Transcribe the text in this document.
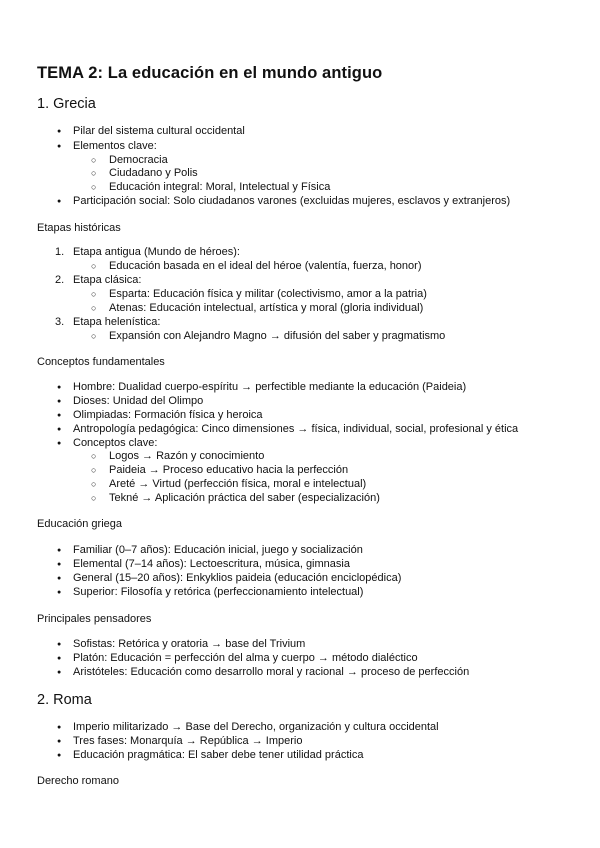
TEMA 2: La educación en el mundo antiguo
1. Grecia
● Pilar del sistema cultural occidental
● Elementos clave:
○ Democracia
○ Ciudadano y Polis
○ Educación integral: Moral, Intelectual y Física
● Participación social: Solo ciudadanos varones (excluidas mujeres, esclavos y extranjeros)
Etapas históricas
1. Etapa antigua (Mundo de héroes):
○ Educación basada en el ideal del héroe (valentía, fuerza, honor)
2. Etapa clásica:
○ Esparta: Educación física y militar (colectivismo, amor a la patria)
○ Atenas: Educación intelectual, artística y moral (gloria individual)
3. Etapa helenística:
○ Expansión con Alejandro Magno → difusión del saber y pragmatismo
Conceptos fundamentales
● Hombre: Dualidad cuerpo-espíritu → perfectible mediante la educación (Paideia)
● Dioses: Unidad del Olimpo
● Olimpiadas: Formación física y heroica
● Antropología pedagógica: Cinco dimensiones → física, individual, social, profesional y ética
● Conceptos clave:
○ Logos → Razón y conocimiento
○ Paideia → Proceso educativo hacia la perfección
○ Areté → Virtud (perfección física, moral e intelectual)
○ Tekné → Aplicación práctica del saber (especialización)
Educación griega
● Familiar (0–7 años): Educación inicial, juego y socialización
● Elemental (7–14 años): Lectoescritura, música, gimnasia
● General (15–20 años): Enkyklios paideia (educación enciclopédica)
● Superior: Filosofía y retórica (perfeccionamiento intelectual)
Principales pensadores
● Sofistas: Retórica y oratoria → base del Trivium
● Platón: Educación = perfección del alma y cuerpo → método dialéctico
● Aristóteles: Educación como desarrollo moral y racional → proceso de perfección
2. Roma
● Imperio militarizado → Base del Derecho, organización y cultura occidental
● Tres fases: Monarquía → República → Imperio
● Educación pragmática: El saber debe tener utilidad práctica
Derecho romano
